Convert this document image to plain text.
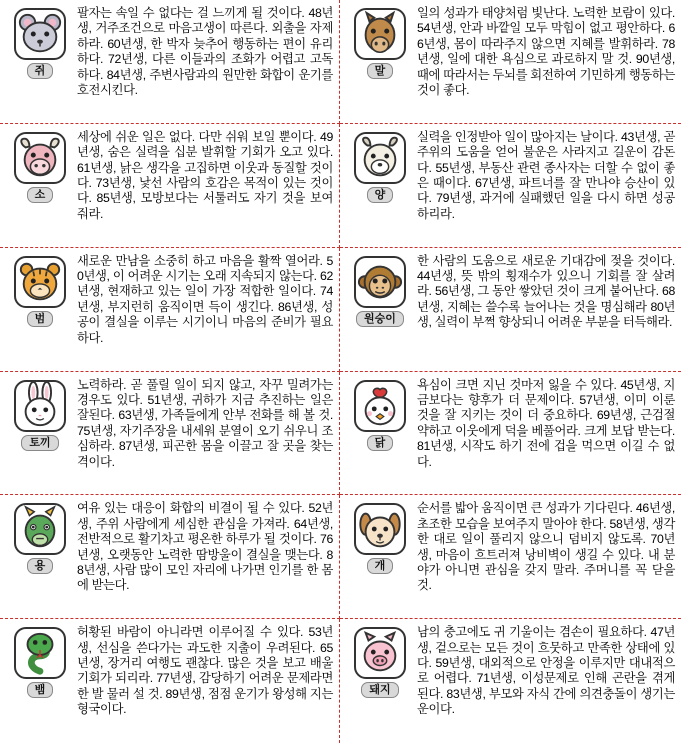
쥐
팔자는 속일 수 없다는 걸 느끼게 될 것이다. 48년생, 거주조건으로 마음고생이 따른다. 외출을 자제하라. 60년생, 한 박자 늦추어 행동하는 편이 유리하다. 72년생, 다른 이들과의 조화가 어렵고 고독하다. 84년생, 주변사람과의 원만한 화합이 운기를 호전시킨다.
말
일의 성과가 태양처럼 빛난다. 노력한 보람이 있다. 54년생, 안과 바깥일 모두 막힘이 없고 평안하다. 66년생, 몸이 따라주지 않으면 지혜를 발휘하라. 78년생, 일에 대한 욕심으로 과로하지 말 것. 90년생, 때에 따라서는 두뇌를 회전하여 기민하게 행동하는 것이 좋다.
소
세상에 쉬운 일은 없다. 다만 쉬워 보일 뿐이다. 49년생, 숨은 실력을 십분 발휘할 기회가 오고 있다. 61년생, 낡은 생각을 고집하면 이웃과 동질할 것이다. 73년생, 낯선 사람의 호감은 목적이 있는 것이다. 85년생, 모방보다는 서툴러도 자기 것을 보여줘라.
양
실력을 인정받아 일이 많아지는 날이다. 43년생, 곧 주위의 도움을 얻어 불운은 사라지고 길운이 감돈다. 55년생, 부동산 관련 종사자는 더할 수 없이 좋은 때이다. 67년생, 파트너를 잘 만나야 승산이 있다. 79년생, 과거에 실패했던 일을 다시 하면 성공하리라.
범
새로운 만남을 소중히 하고 마음을 활짝 열어라. 50년생, 이 어려운 시기는 오래 지속되지 않는다. 62년생, 현재하고 있는 일이 가장 적합한 일이다. 74년생, 부지런히 움직이면 득이 생긴다. 86년생, 성공이 결실을 이루는 시기이니 마음의 준비가 필요하다.
원숭이
한 사람의 도움으로 새로운 기대감에 젖을 것이다. 44년생, 뜻 밖의 횡재수가 있으니 기회를 잘 살려라. 56년생, 그 동안 쌓았던 것이 크게 붙어난다. 68년생, 지혜는 쓸수록 늘어나는 것을 명심해라 80년생, 실력이 부쩍 향상되니 어려운 부분을 터득해라.
토끼
노력하라. 곧 풀릴 일이 되지 않고, 자꾸 밀려가는 경우도 있다. 51년생, 귀하가 지금 추진하는 일은 잘된다. 63년생, 가족들에게 안부 전화를 해 볼 것. 75년생, 자기주장을 내세워 분열이 오기 쉬우니 조심하라. 87년생, 피곤한 몸을 이끌고 잘 곳을 찾는 격이다.
닭
욕심이 크면 지닌 것마저 잃을 수 있다. 45년생, 지금보다는 향후가 더 문제이다. 57년생, 이미 이룬 것을 잘 지키는 것이 더 중요하다. 69년생, 근검절약하고 이웃에게 덕을 베풀어라. 크게 보답 받는다. 81년생, 시작도 하기 전에 겁을 먹으면 이길 수 없다.
용
여유 있는 대응이 화합의 비결이 될 수 있다. 52년생, 주위 사람에게 세심한 관심을 가져라. 64년생, 전반적으로 활기차고 평온한 하루가 될 것이다. 76년생, 오랫동안 노력한 땀방울이 결실을 맺는다. 88년생, 사람 많이 모인 자리에 나가면 인기를 한 몸에 받는다.
개
순서를 밟아 움직이면 큰 성과가 기다린다. 46년생, 초조한 모습을 보여주지 말아야 한다. 58년생, 생각한 대로 일이 풀리지 않으니 덤비지 않도록. 70년생, 마음이 흐트러져 낭비벽이 생길 수 있다. 내 분야가 아니면 관심을 갖지 말라. 주머니를 꼭 닫을 것.
뱀
허황된 바람이 아니라면 이루어질 수 있다. 53년생, 선심을 쓴다가는 과도한 지출이 우려된다. 65년생, 장거리 여행도 괜찮다. 많은 것을 보고 배울 기회가 되리라. 77년생, 감당하기 어려운 문제라면 한 발 물러 설 것. 89년생, 점점 운기가 왕성해 지는 형국이다.
돼지
남의 충고에도 귀 기울이는 겸손이 필요하다. 47년생, 겉으로는 모든 것이 흐뭇하고 만족한 상태에 있다. 59년생, 대외적으로 안정을 이루지만 대내적으로 어렵다. 71년생, 이성문제로 인해 곤란을 겪게 된다. 83년생, 부모와 자식 간에 의견충돌이 생기는 운이다.
